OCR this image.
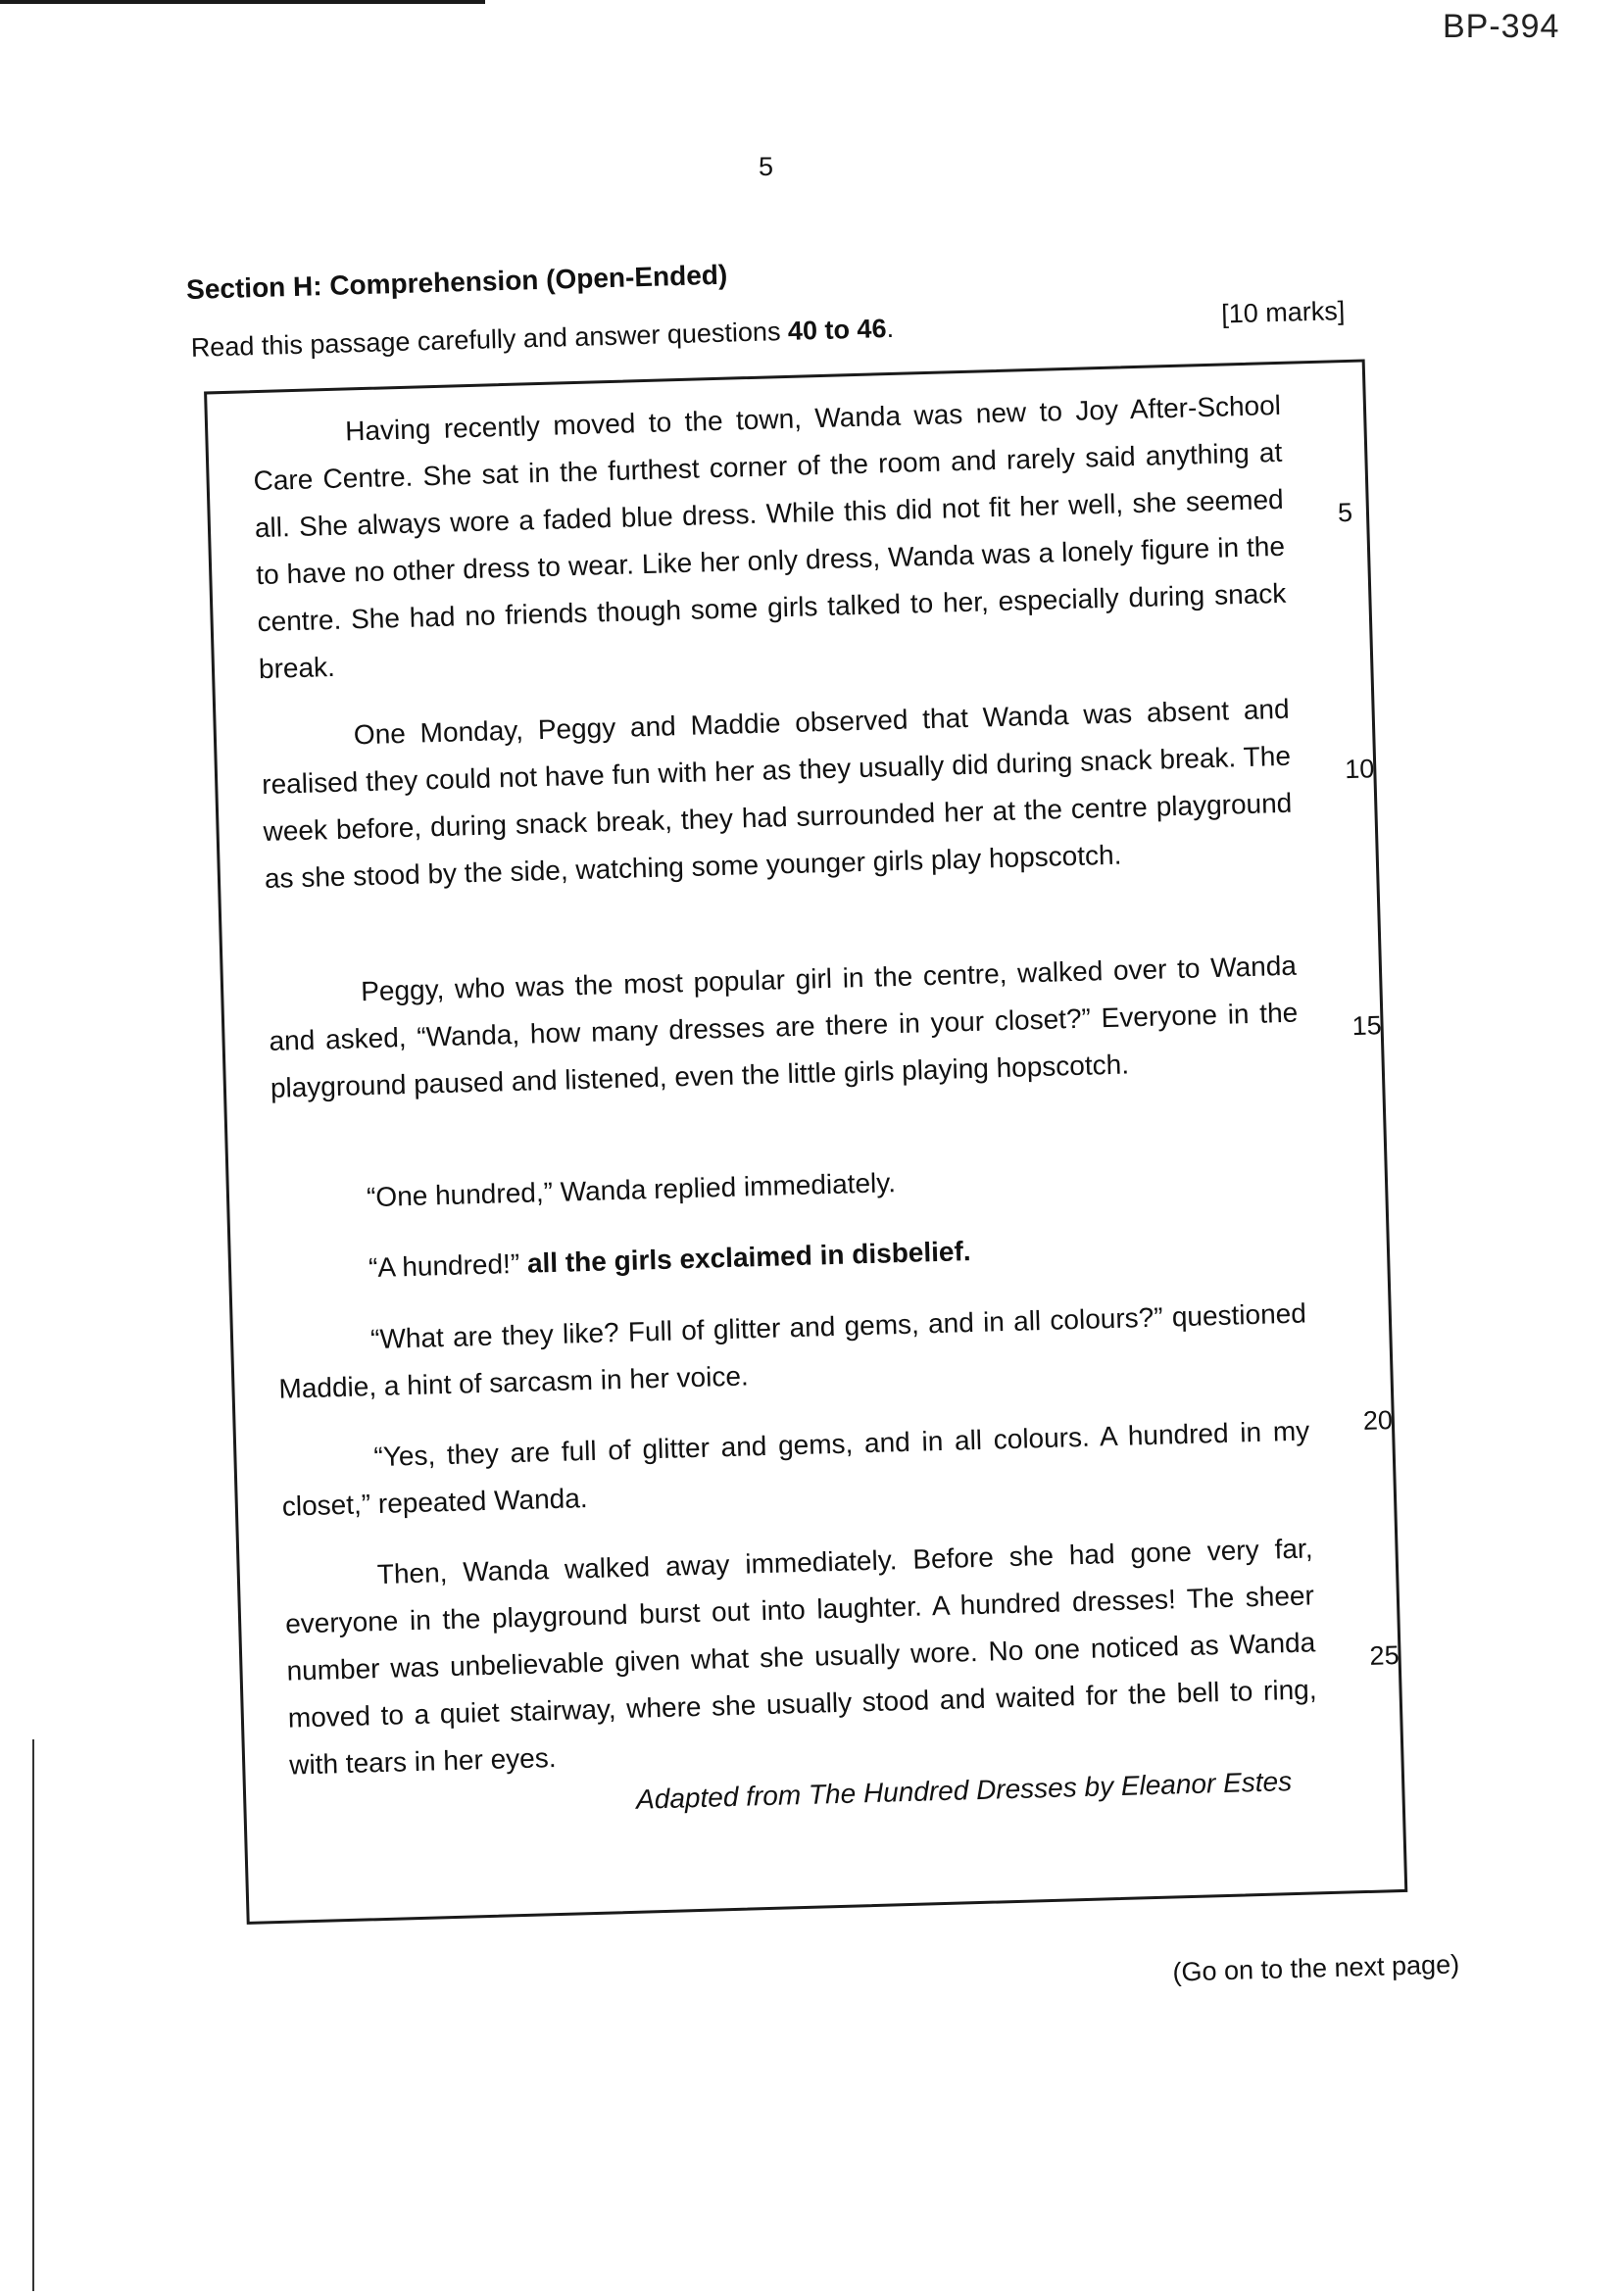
BP-394
5
Section H: Comprehension (Open-Ended)
Read this passage carefully and answer questions 40 to 46.	[10 marks]
Having recently moved to the town, Wanda was new to Joy After-School Care Centre. She sat in the furthest corner of the room and rarely said anything at all. She always wore a faded blue dress. While this did not fit her well, she seemed to have no other dress to wear. Like her only dress, Wanda was a lonely figure in the centre. She had no friends though some girls talked to her, especially during snack break.
5
One Monday, Peggy and Maddie observed that Wanda was absent and realised they could not have fun with her as they usually did during snack break. The week before, during snack break, they had surrounded her at the centre playground as she stood by the side, watching some younger girls play hopscotch.
10
Peggy, who was the most popular girl in the centre, walked over to Wanda and asked, “Wanda, how many dresses are there in your closet?” Everyone in the playground paused and listened, even the little girls playing hopscotch.
15
“One hundred,” Wanda replied immediately.
“A hundred!” all the girls exclaimed in disbelief.
“What are they like? Full of glitter and gems, and in all colours?” questioned Maddie, a hint of sarcasm in her voice.
“Yes, they are full of glitter and gems, and in all colours. A hundred in my closet,” repeated Wanda.
20
Then, Wanda walked away immediately. Before she had gone very far, everyone in the playground burst out into laughter. A hundred dresses! The sheer number was unbelievable given what she usually wore. No one noticed as Wanda moved to a quiet stairway, where she usually stood and waited for the bell to ring, with tears in her eyes.
25
Adapted from The Hundred Dresses by Eleanor Estes
(Go on to the next page)
